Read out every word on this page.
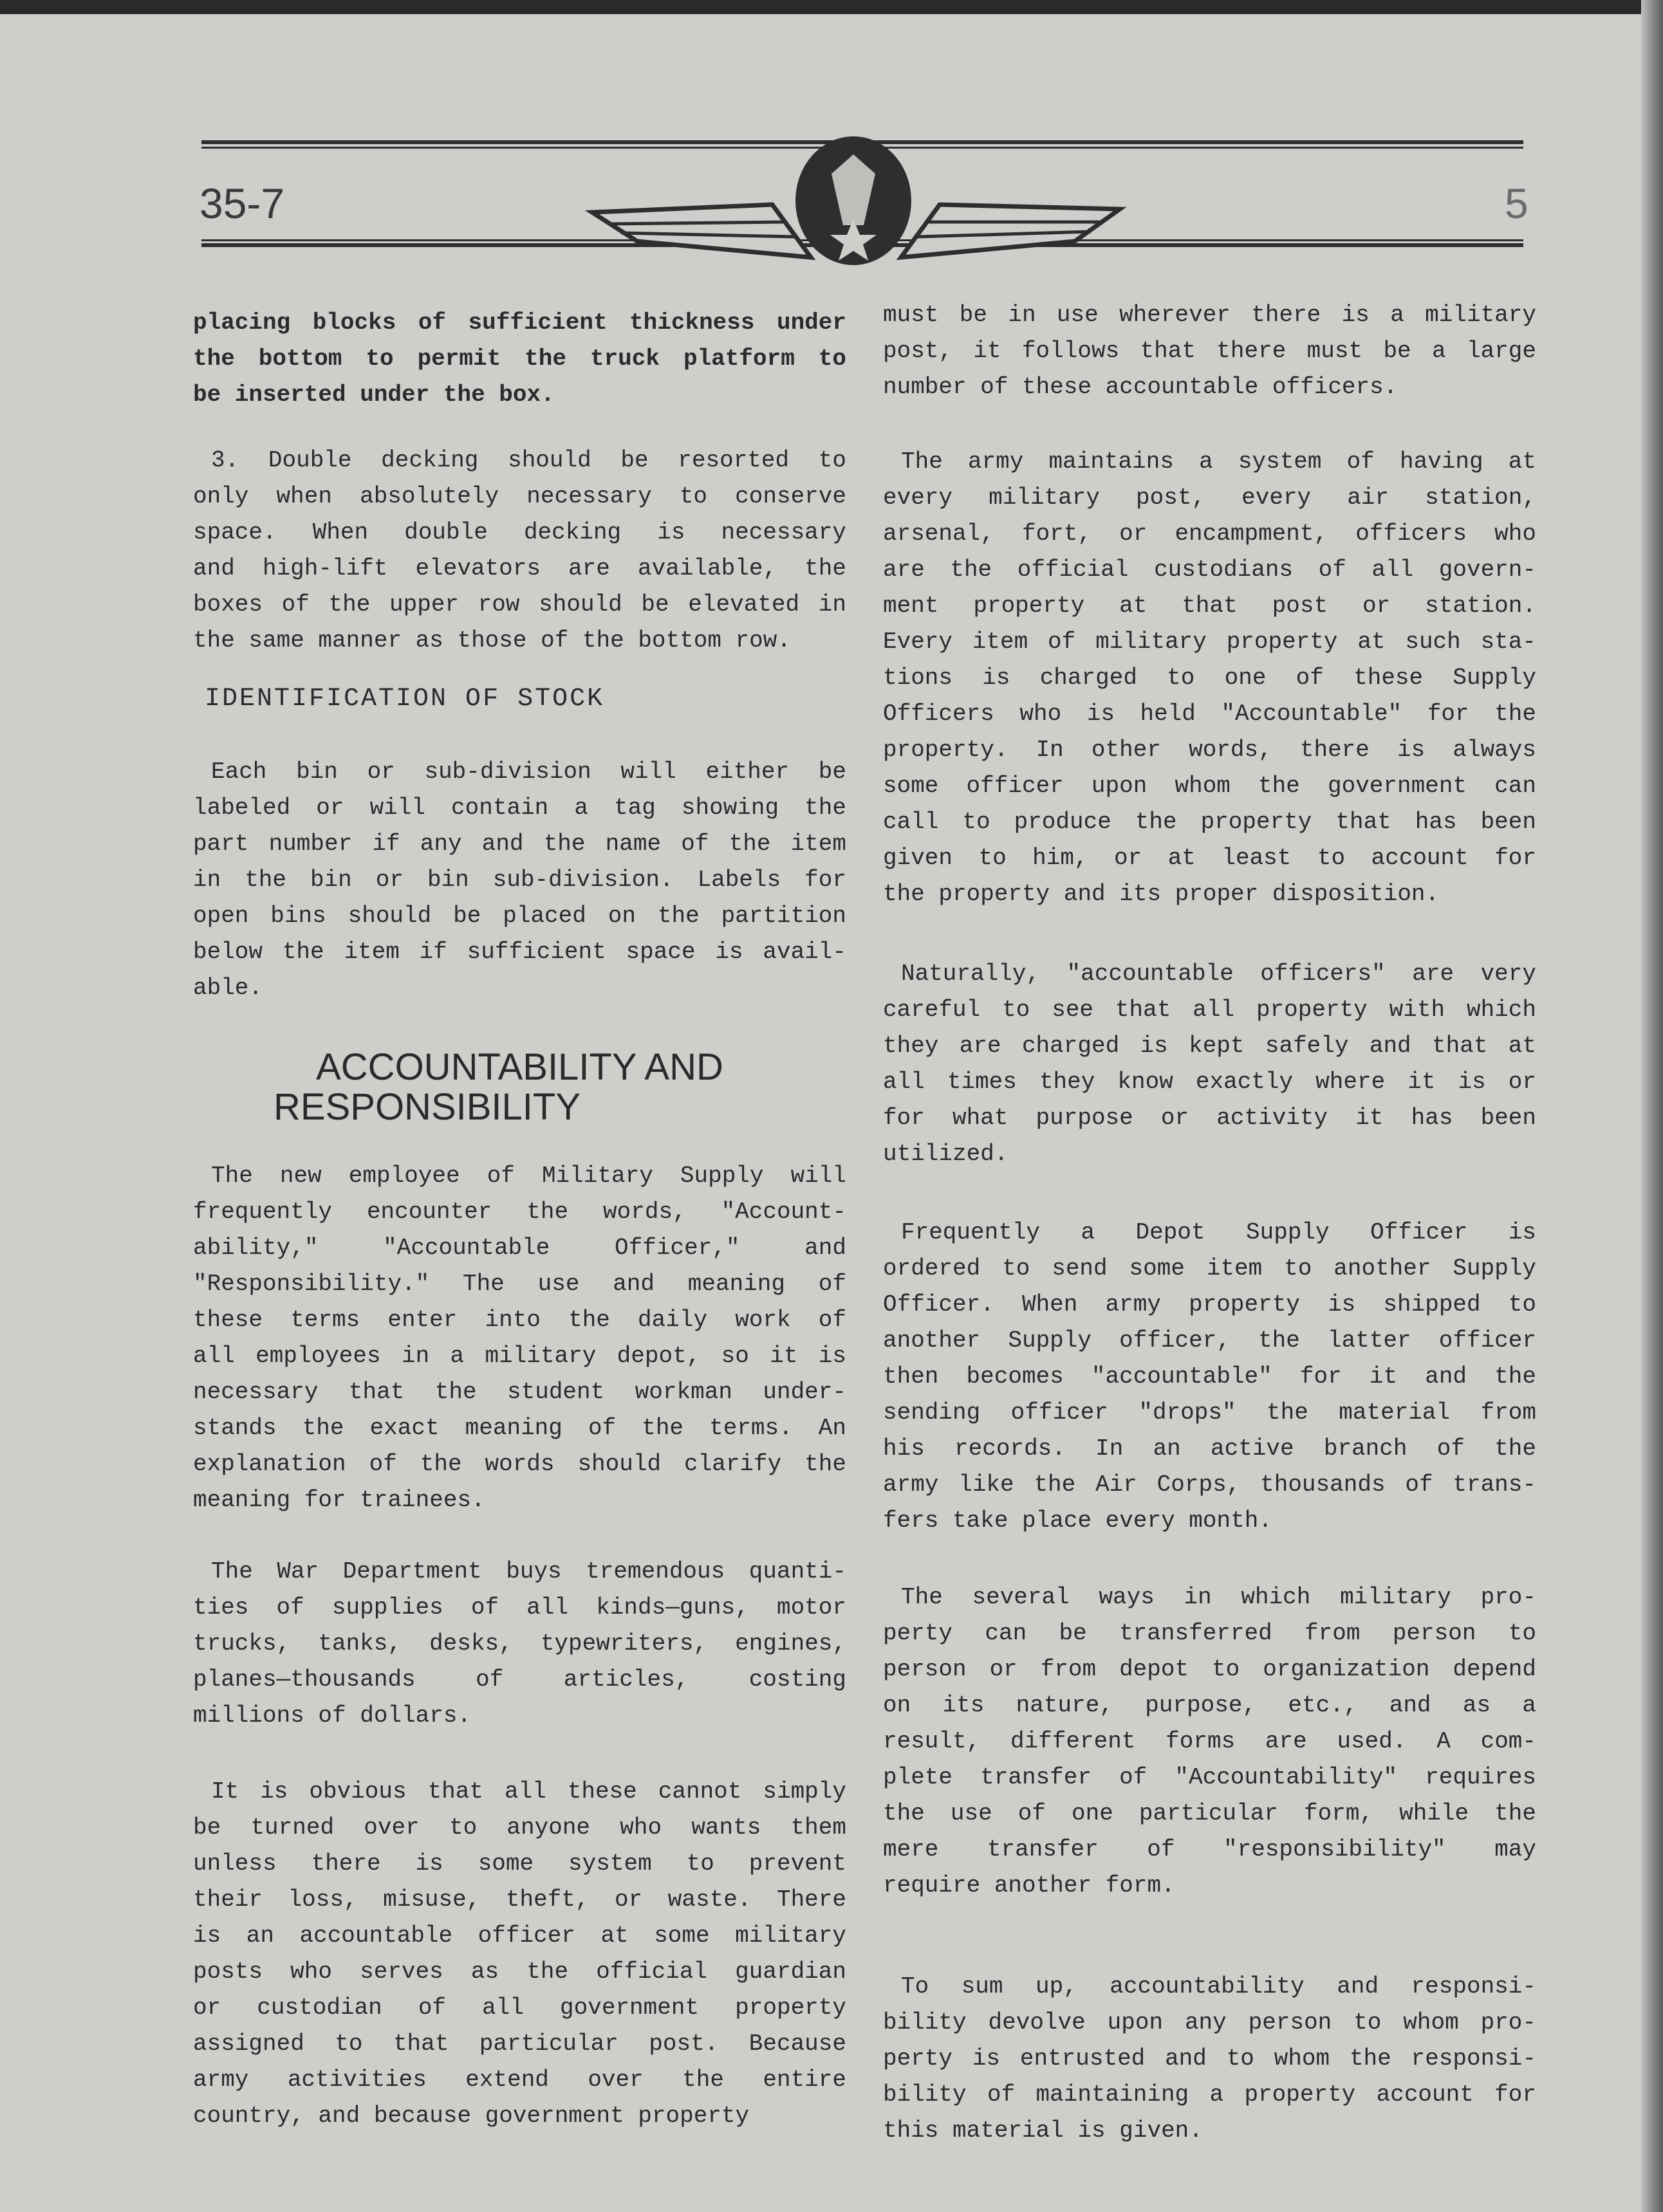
35-7	5
IDENTIFICATION OF STOCK
ACCOUNTABILITY AND
RESPONSIBILITY
placing blocks of sufficient thickness under
the bottom to permit the truck platform to
be inserted under the box.
3. Double decking should be resorted to
only when absolutely necessary to conserve
space. When double decking is necessary
and high-lift elevators are available, the
boxes of the upper row should be elevated in
the same manner as those of the bottom row.
Each bin or sub-division will either be
labeled or will contain a tag showing the
part number if any and the name of the item
in the bin or bin sub-division. Labels for
open bins should be placed on the partition
below the item if sufficient space is avail-
able.
The new employee of Military Supply will
frequently encounter the words, "Account-
ability," "Accountable Officer," and
"Responsibility." The use and meaning of
these terms enter into the daily work of
all employees in a military depot, so it is
necessary that the student workman under-
stands the exact meaning of the terms. An
explanation of the words should clarify the
meaning for trainees.
The War Department buys tremendous quanti-
ties of supplies of all kinds—guns, motor
trucks, tanks, desks, typewriters, engines,
planes—thousands of articles, costing
millions of dollars.
It is obvious that all these cannot simply
be turned over to anyone who wants them
unless there is some system to prevent
their loss, misuse, theft, or waste. There
is an accountable officer at some military
posts who serves as the official guardian
or custodian of all government property
assigned to that particular post. Because
army activities extend over the entire
country, and because government property
must be in use wherever there is a military
post, it follows that there must be a large
number of these accountable officers.
The army maintains a system of having at
every military post, every air station,
arsenal, fort, or encampment, officers who
are the official custodians of all govern-
ment property at that post or station.
Every item of military property at such sta-
tions is charged to one of these Supply
Officers who is held "Accountable" for the
property. In other words, there is always
some officer upon whom the government can
call to produce the property that has been
given to him, or at least to account for
the property and its proper disposition.
Naturally, "accountable officers" are very
careful to see that all property with which
they are charged is kept safely and that at
all times they know exactly where it is or
for what purpose or activity it has been
utilized.
Frequently a Depot Supply Officer is
ordered to send some item to another Supply
Officer. When army property is shipped to
another Supply officer, the latter officer
then becomes "accountable" for it and the
sending officer "drops" the material from
his records. In an active branch of the
army like the Air Corps, thousands of trans-
fers take place every month.
The several ways in which military pro-
perty can be transferred from person to
person or from depot to organization depend
on its nature, purpose, etc., and as a
result, different forms are used. A com-
plete transfer of "Accountability" requires
the use of one particular form, while the
mere transfer of "responsibility" may
require another form.
To sum up, accountability and responsi-
bility devolve upon any person to whom pro-
perty is entrusted and to whom the responsi-
bility of maintaining a property account for
this material is given.
